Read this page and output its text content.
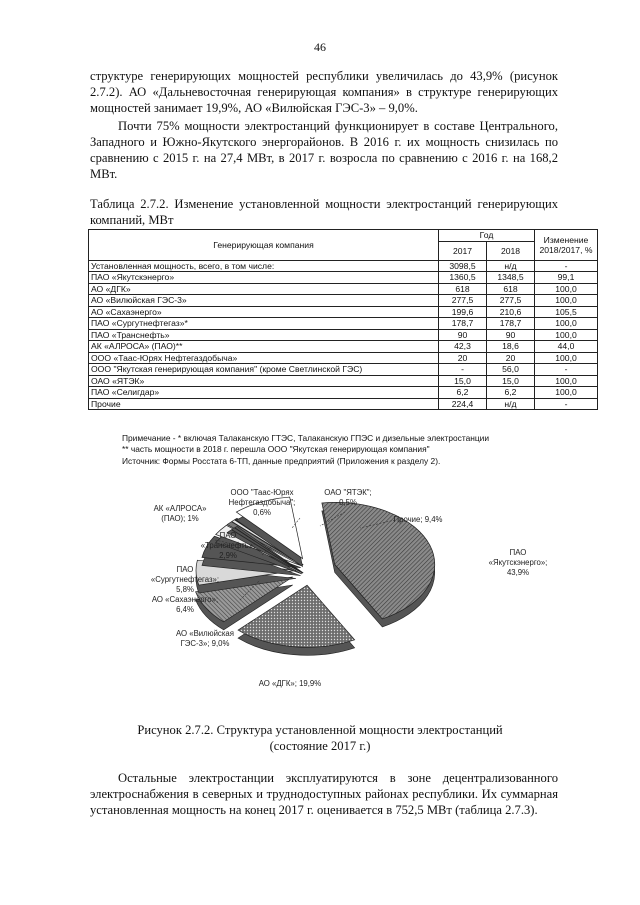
46
структуре генерирующих мощностей республики увеличилась до 43,9% (рисунок 2.7.2). АО «Дальневосточная генерирующая компания» в структуре генерирующих мощностей занимает 19,9%, АО «Вилюйская ГЭС-3» – 9,0%.
Почти 75% мощности электростанций функционирует в составе Центрального, Западного и Южно-Якутского энергорайонов. В 2016 г. их мощность снизилась по сравнению с 2015 г. на 27,4 МВт, в 2017 г. возросла по сравнению с 2016 г. на 168,2 МВт.
Таблица 2.7.2. Изменение установленной мощности электростанций генерирующих компаний, МВт
Генерирующая компания	Год		Изменение 2018/2017, %
	2017	2018	
Установленная мощность, всего, в том числе:	3098,5	н/д	-
ПАО «Якутскэнерго»	1360,5	1348,5	99,1
АО «ДГК»	618	618	100,0
АО «Вилюйская ГЭС-3»	277,5	277,5	100,0
АО «Сахаэнерго»	199,6	210,6	105,5
ПАО «Сургутнефтегаз»*	178,7	178,7	100,0
ПАО «Транснефть»	90	90	100,0
АК «АЛРОСА» (ПАО)**	42,3	18,6	44,0
ООО «Таас-Юрях Нефтегаздобыча»	20	20	100,0
ООО "Якутская генерирующая компания" (кроме Светлинской ГЭС)	-	56,0	-
ОАО «ЯТЭК»	15,0	15,0	100,0
ПАО «Селигдар»	6,2	6,2	100,0
Прочие	224,4	н/д	-
Примечание - * включая Талаканскую ГТЭС, Талаканскую ГПЭС и дизельные электростанции
** часть мощности в 2018 г. перешла ООО "Якутская генерирующая компания"
Источник: Формы Росстата 6-ТП, данные предприятий (Приложения к разделу 2).
ПАО
«Якутскэнерго»;
43,9%
АО «ДГК»; 19,9%
АО «Вилюйская
ГЭС-3»; 9,0%
АО «Сахаэнерго»;
6,4%
ПАО
«Сургутнефтегаз»;
5,8%
ПАО
«Транснефть»;
2,9%
АК «АЛРОСА»
(ПАО); 1%
ООО "Таас-Юрях
Нефтегаздобыча";
0,6%
ОАО "ЯТЭК";
0,5%
Прочие; 9,4%
Рисунок 2.7.2. Структура установленной мощности электростанций
(состояние 2017 г.)
Остальные электростанции эксплуатируются в зоне децентрализованного электроснабжения в северных и труднодоступных районах республики. Их суммарная установленная мощность на конец 2017 г. оценивается в 752,5 МВт (таблица 2.7.3).
